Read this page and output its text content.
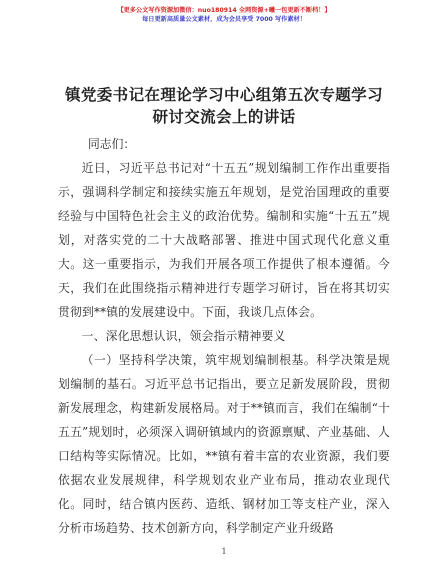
【更多公文写作资源加微信：nuo180914 全网资源+曦一包更新不断档！】
每日更新高质量公文素材，成为会员享受 7000 写作素材！
镇党委书记在理论学习中心组第五次专题学习
研讨交流会上的讲话
同志们：

近日，习近平总书记对“十五五”规划编制工作作出重要指示，强调科学制定和接续实施五年规划，是党治国理政的重要经验与中国特色社会主义的政治优势。编制和实施“十五五”规划，对落实党的二十大战略部署、推进中国式现代化意义重大。这一重要指示，为我们开展各项工作提供了根本遵循。今天，我们在此围绕指示精神进行专题学习研讨，旨在将其切实贯彻到**镇的发展建设中。下面，我谈几点体会。

一、深化思想认识，领会指示精神要义

（一）坚持科学决策，筑牢规划编制根基。科学决策是规划编制的基石。习近平总书记指出，要立足新发展阶段，贯彻新发展理念，构建新发展格局。对于**镇而言，我们在编制“十五五”规划时，必须深入调研镇域内的资源禀赋、产业基础、人口结构等实际情况。比如，**镇有着丰富的农业资源，我们要依据农业发展规律，科学规划农业产业布局，推动农业现代化。同时，结合镇内医药、造纸、钢材加工等支柱产业，深入分析市场趋势、技术创新方向，科学制定产业升级路

1
